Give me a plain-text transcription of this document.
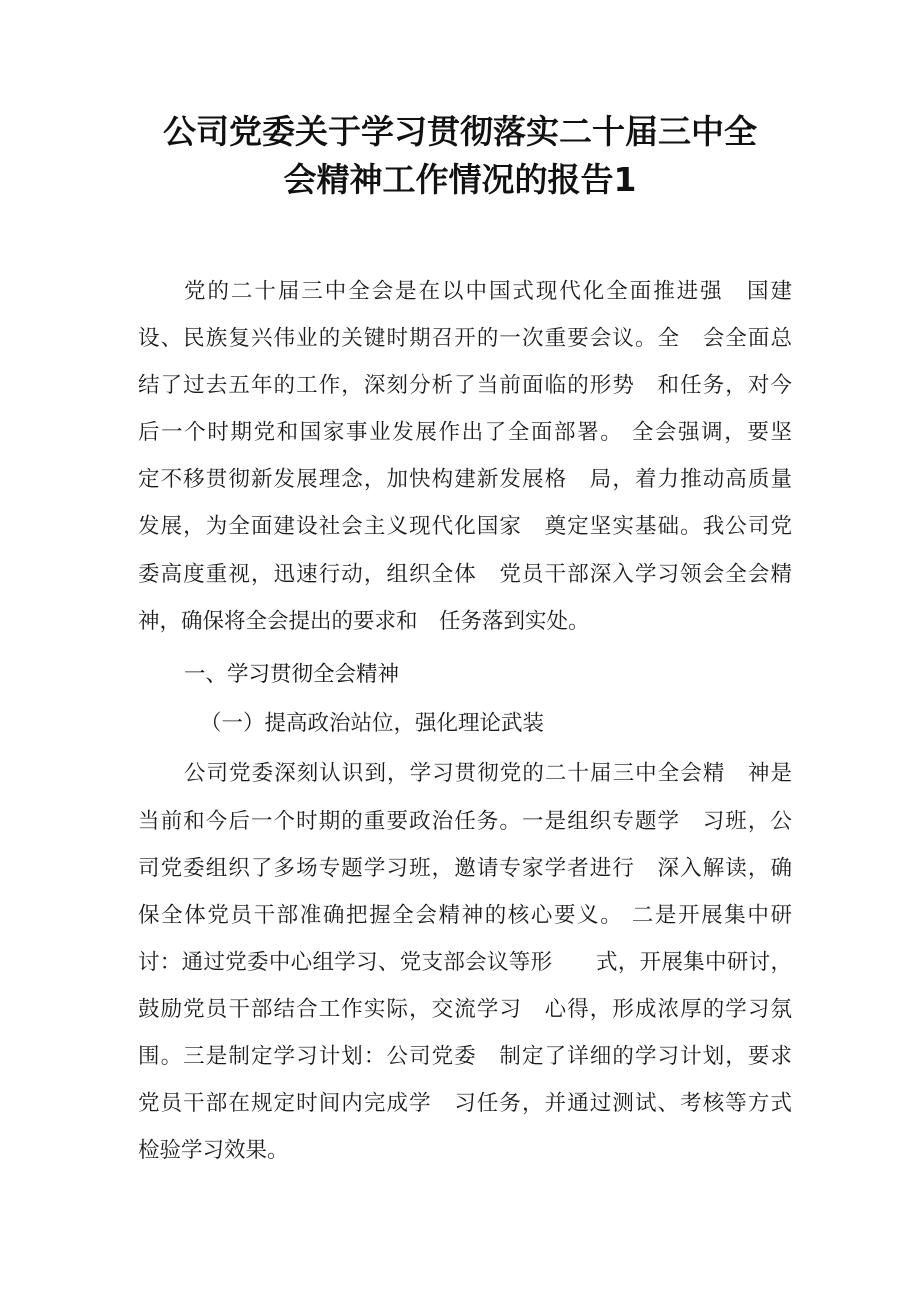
公司党委关于学习贯彻落实二十届三中全
会精神工作情况的报告1
党的二十届三中全会是在以中国式现代化全面推进强　国建
设、民族复兴伟业的关键时期召开的一次重要会议。全　会全面总
结了过去五年的工作，深刻分析了当前面临的形势　和任务，对今
后一个时期党和国家事业发展作出了全面部署。 全会强调，要坚
定不移贯彻新发展理念，加快构建新发展格　局，着力推动高质量
发展，为全面建设社会主义现代化国家　奠定坚实基础。我公司党
委高度重视，迅速行动，组织全体　党员干部深入学习领会全会精
神，确保将全会提出的要求和　任务落到实处。
一、学习贯彻全会精神
（一）提高政治站位，强化理论武装
公司党委深刻认识到，学习贯彻党的二十届三中全会精　神是
当前和今后一个时期的重要政治任务。一是组织专题学　习班，公
司党委组织了多场专题学习班，邀请专家学者进行　深入解读，确
保全体党员干部准确把握全会精神的核心要义。 二是开展集中研
讨：通过党委中心组学习、党支部会议等形　　式，开展集中研讨，
鼓励党员干部结合工作实际，交流学习　心得，形成浓厚的学习氛
围。三是制定学习计划：公司党委　制定了详细的学习计划，要求
党员干部在规定时间内完成学　习任务，并通过测试、考核等方式
检验学习效果。
